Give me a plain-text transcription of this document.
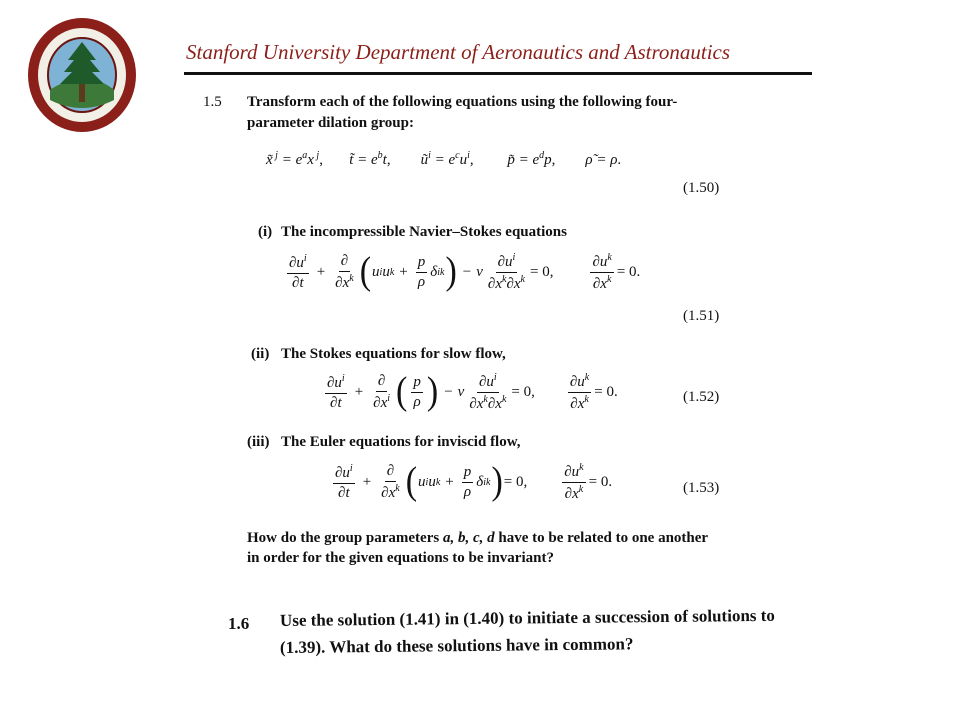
Stanford University Department of Aeronautics and Astronautics
1.5 Transform each of the following equations using the following four-
parameter dilation group:
x̃ $^j = e^ax$ $^j$,       t̃ = $e^bt$,        $ũ^i = e^cu^i$,         p̃ = $e^dp$,        ρ̃ = ρ.
(1.50)
(i) The incompressible Navier–Stokes equations
$\frac{\partial u^i}{\partial t} + \frac{\partial}{\partial x^k}$ ( u i u $k + \frac{p}{\rho}$ δ i k ) − ν $\frac{\partial u^i}{\partial x^k\partial x^k} = 0$, $\frac{\partial u^k}{\partial x^k} = 0$.
(1.51)
(ii) The Stokes equations for slow flow,
$\frac{\partial u^i}{\partial t} + \frac{\partial}{\partial x^i}$ ( $\frac{p}{\rho}$ ) − ν $\frac{\partial u^i}{\partial x^k\partial x^k} = 0$, $\frac{\partial u^k}{\partial x^k} = 0$.	(1.52)
(iii) The Euler equations for inviscid flow,
$\frac{\partial u^i}{\partial t} + \frac{\partial}{\partial x^k}$ ( u i u $k + \frac{p}{\rho}$ δ i k ) = 0, $\frac{\partial u^k}{\partial x^k} = 0$.	(1.53)
How do the group parameters a, b, c, d have to be related to one another
in order for the given equations to be invariant?
1.6 Use the solution (1.41) in (1.40) to initiate a succession of solutions to
(1.39). What do these solutions have in common?
